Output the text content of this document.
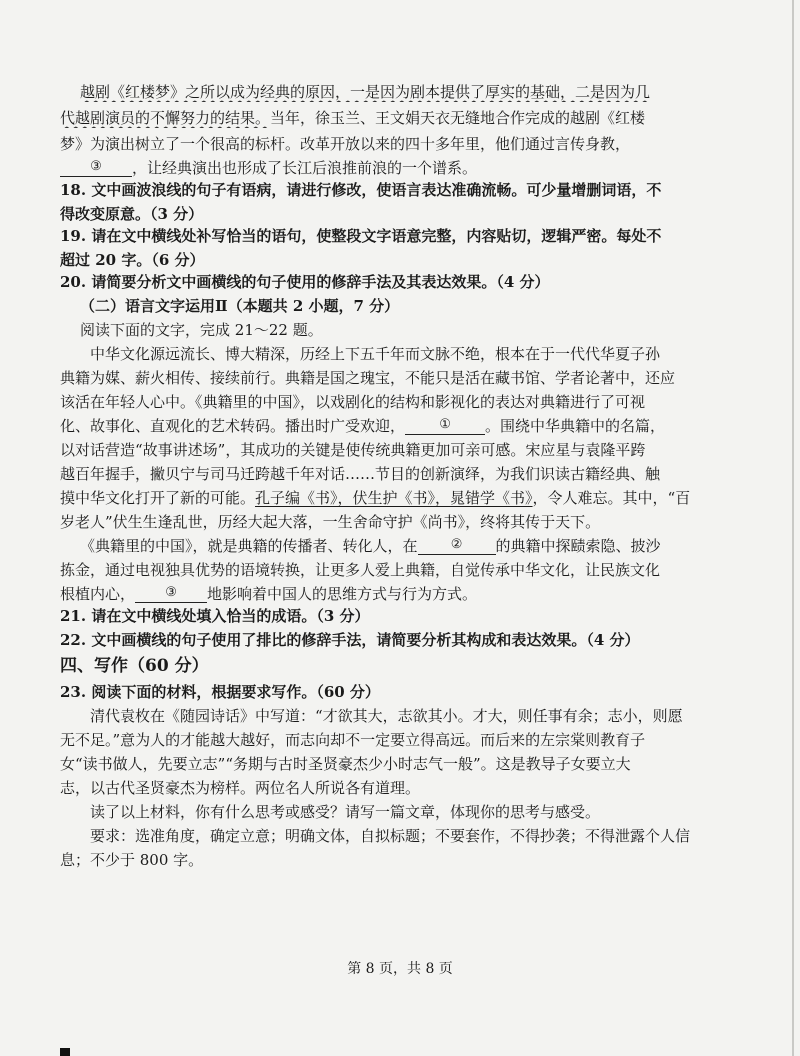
越剧《红楼梦》之所以成为经典的原因，一是因为剧本提供了厚实的基础，二是因为几
代越剧演员的不懈努力的结果。当年，徐玉兰、王文娟天衣无缝地合作完成的越剧《红楼
梦》为演出树立了一个很高的标杆。改革开放以来的四十多年里，他们通过言传身教，
③ ，让经典演出也形成了长江后浪推前浪的一个谱系。
18. 文中画波浪线的句子有语病，请进行修改，使语言表达准确流畅。可少量增删词语，不
得改变原意。（3 分）
19. 请在文中横线处补写恰当的语句，使整段文字语意完整，内容贴切，逻辑严密。每处不
超过 20 字。（6 分）
20. 请简要分析文中画横线的句子使用的修辞手法及其表达效果。（4 分）
（二）语言文字运用Ⅱ（本题共 2 小题，7 分）
阅读下面的文字，完成 21～22 题。
中华文化源远流长、博大精深，历经上下五千年而文脉不绝，根本在于一代代华夏子孙
典籍为媒、薪火相传、接续前行。典籍是国之瑰宝，不能只是活在藏书馆、学者论著中，还应
该活在年轻人心中。《典籍里的中国》，以戏剧化的结构和影视化的表达对典籍进行了可视
化、故事化、直观化的艺术转码。播出时广受欢迎，	① 。围绕中华典籍中的名篇，
以对话营造“故事讲述场”，其成功的关键是使传统典籍更加可亲可感。宋应星与袁隆平跨
越百年握手，撇贝宁与司马迁跨越千年对话……节目的创新演绎，为我们识读古籍经典、触
摸中华文化打开了新的可能。孔子编《书》，伏生护《书》，晁错学《书》，令人难忘。其中，“百
岁老人”伏生生逢乱世，历经大起大落，一生舍命守护《尚书》，终将其传于天下。
《典籍里的中国》，就是典籍的传播者、转化人，在	② 的典籍中探赜索隐、披沙
拣金，通过电视独具优势的语境转换，让更多人爱上典籍，自觉传承中华文化，让民族文化
根植内心， ③ 地影响着中国人的思维方式与行为方式。
21. 请在文中横线处填入恰当的成语。（3 分）
22. 文中画横线的句子使用了排比的修辞手法，请简要分析其构成和表达效果。（4 分）
四、写作（60 分）
23. 阅读下面的材料，根据要求写作。（60 分）
清代袁枚在《随园诗话》中写道：“才欲其大，志欲其小。才大，则任事有余；志小，则愿
无不足。”意为人的才能越大越好，而志向却不一定要立得高远。而后来的左宗棠则教育子
女“读书做人，先要立志”“务期与古时圣贤豪杰少小时志气一般”。这是教导子女要立大
志，以古代圣贤豪杰为榜样。两位名人所说各有道理。
读了以上材料，你有什么思考或感受？请写一篇文章，体现你的思考与感受。
要求：选准角度，确定立意；明确文体，自拟标题；不要套作，不得抄袭；不得泄露个人信
息；不少于 800 字。
第 8 页，共 8 页
